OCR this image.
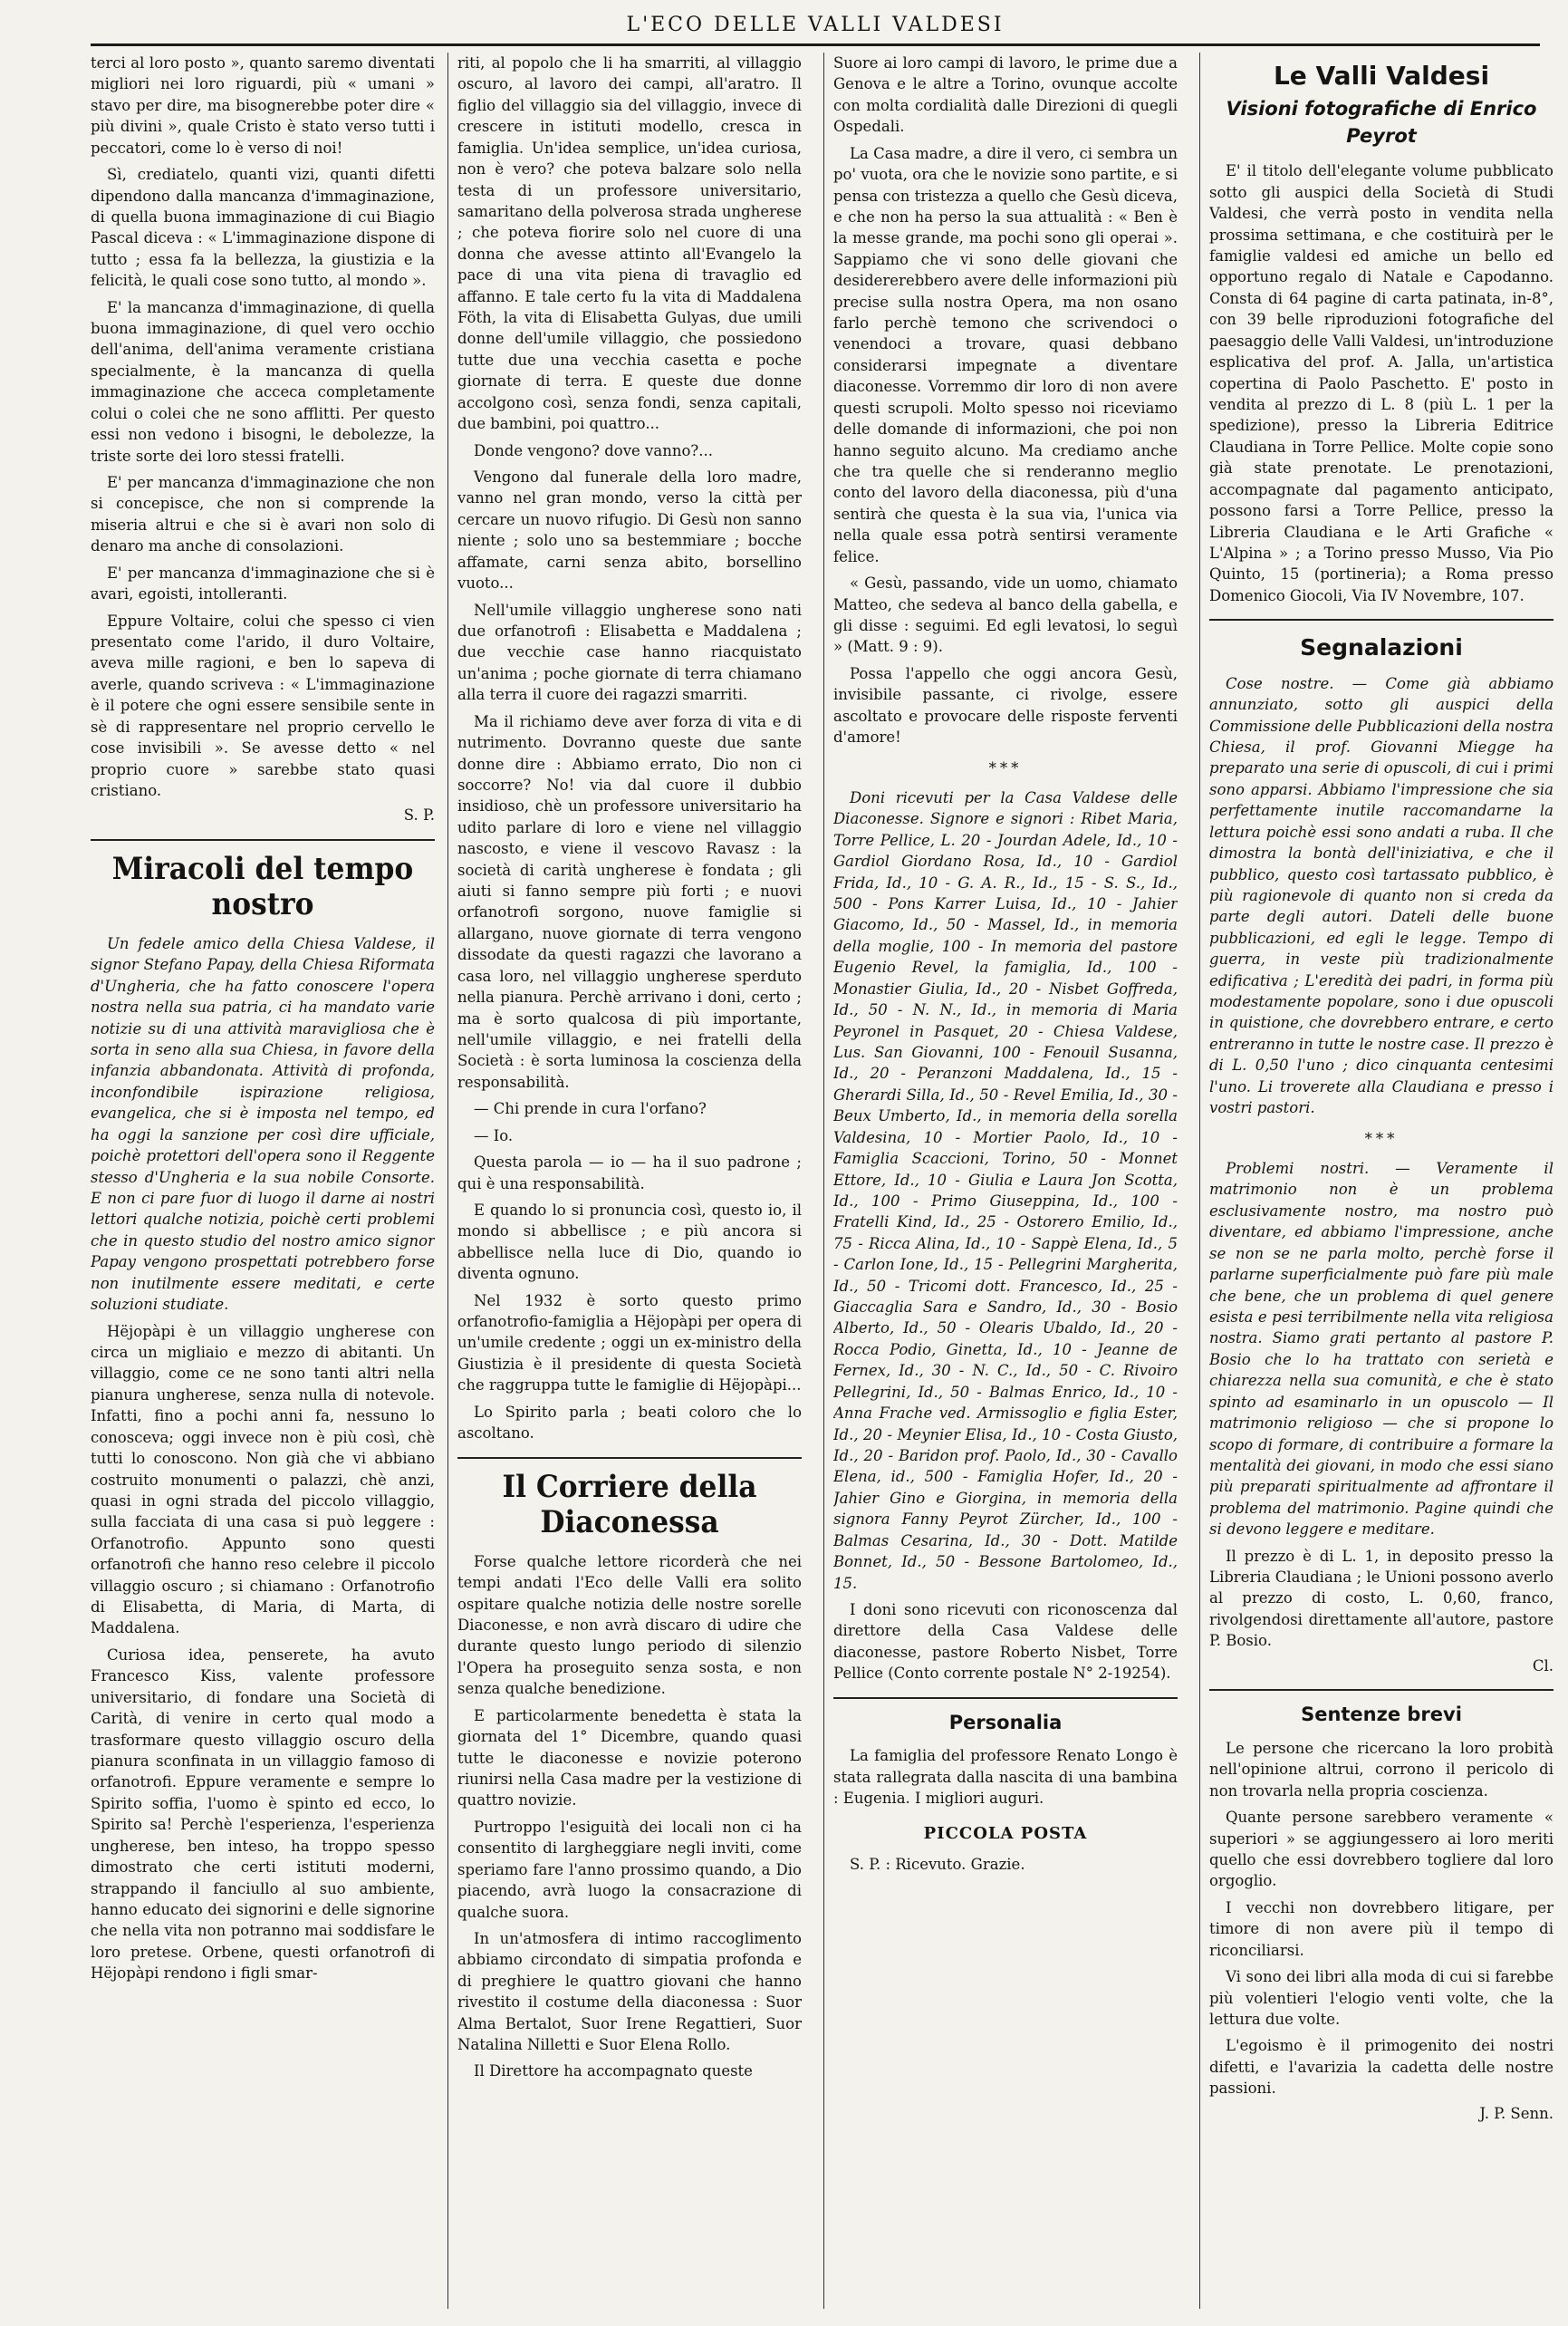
L'ECO DELLE VALLI VALDESI

terci al loro posto », quanto saremo diventati migliori nei loro riguardi, più « umani » stavo per dire, ma bisognerebbe poter dire « più divini », quale Cristo è stato verso tutti i peccatori, come lo è verso di noi!

Sì, crediatelo, quanti vizi, quanti difetti dipendono dalla mancanza d'immaginazione, di quella buona immaginazione di cui Biagio Pascal diceva : « L'immaginazione dispone di tutto ; essa fa la bellezza, la giustizia e la felicità, le quali cose sono tutto, al mondo ».

E' la mancanza d'immaginazione, di quella buona immaginazione, di quel vero occhio dell'anima, dell'anima veramente cristiana specialmente, è la mancanza di quella immaginazione che acceca completamente colui o colei che ne sono afflitti. Per questo essi non vedono i bisogni, le debolezze, la triste sorte dei loro stessi fratelli.

E' per mancanza d'immaginazione che non si concepisce, che non si comprende la miseria altrui e che si è avari non solo di denaro ma anche di consolazioni.

E' per mancanza d'immaginazione che si è avari, egoisti, intolleranti.

Eppure Voltaire, colui che spesso ci vien presentato come l'arido, il duro Voltaire, aveva mille ragioni, e ben lo sapeva di averle, quando scriveva : « L'immaginazione è il potere che ogni essere sensibile sente in sè di rappresentare nel proprio cervello le cose invisibili ». Se avesse detto « nel proprio cuore » sarebbe stato quasi cristiano.

S. P.

Miracoli del tempo nostro

Un fedele amico della Chiesa Valdese, il signor Stefano Papay, della Chiesa Riformata d'Ungheria, che ha fatto conoscere l'opera nostra nella sua patria, ci ha mandato varie notizie su di una attività maravigliosa che è sorta in seno alla sua Chiesa, in favore della infanzia abbandonata. Attività di profonda, inconfondibile ispirazione religiosa, evangelica, che si è imposta nel tempo, ed ha oggi la sanzione per così dire ufficiale, poichè protettori dell'opera sono il Reggente stesso d'Ungheria e la sua nobile Consorte. E non ci pare fuor di luogo il darne ai nostri lettori qualche notizia, poichè certi problemi che in questo studio del nostro amico signor Papay vengono prospettati potrebbero forse non inutilmente essere meditati, e certe soluzioni studiate.

Hëjopàpi è un villaggio ungherese con circa un migliaio e mezzo di abitanti. Un villaggio, come ce ne sono tanti altri nella pianura ungherese, senza nulla di notevole. Infatti, fino a pochi anni fa, nessuno lo conosceva; oggi invece non è più così, chè tutti lo conoscono. Non già che vi abbiano costruito monumenti o palazzi, chè anzi, quasi in ogni strada del piccolo villaggio, sulla facciata di una casa si può leggere : Orfanotrofio. Appunto sono questi orfanotrofi che hanno reso celebre il piccolo villaggio oscuro ; si chiamano : Orfanotrofio di Elisabetta, di Maria, di Marta, di Maddalena.

Curiosa idea, penserete, ha avuto Francesco Kiss, valente professore universitario, di fondare una Società di Carità, di venire in certo qual modo a trasformare questo villaggio oscuro della pianura sconfinata in un villaggio famoso di orfanotrofi. Eppure veramente e sempre lo Spirito soffia, l'uomo è spinto ed ecco, lo Spirito sa! Perchè l'esperienza, l'esperienza ungherese, ben inteso, ha troppo spesso dimostrato che certi istituti moderni, strappando il fanciullo al suo ambiente, hanno educato dei signorini e delle signorine che nella vita non potranno mai soddisfare le loro pretese. Orbene, questi orfanotrofi di Hëjopàpi rendono i figli smar-

riti, al popolo che li ha smarriti, al villaggio oscuro, al lavoro dei campi, all'aratro. Il figlio del villaggio sia del villaggio, invece di crescere in istituti modello, cresca in famiglia. Un'idea semplice, un'idea curiosa, non è vero? che poteva balzare solo nella testa di un professore universitario, samaritano della polverosa strada ungherese ; che poteva fiorire solo nel cuore di una donna che avesse attinto all'Evangelo la pace di una vita piena di travaglio ed affanno. E tale certo fu la vita di Maddalena Föth, la vita di Elisabetta Gulyas, due umili donne dell'umile villaggio, che possiedono tutte due una vecchia casetta e poche giornate di terra. E queste due donne accolgono così, senza fondi, senza capitali, due bambini, poi quattro...

Donde vengono? dove vanno?...

Vengono dal funerale della loro madre, vanno nel gran mondo, verso la città per cercare un nuovo rifugio. Di Gesù non sanno niente ; solo uno sa bestemmiare ; bocche affamate, carni senza abito, borsellino vuoto...

Nell'umile villaggio ungherese sono nati due orfanotrofi : Elisabetta e Maddalena ; due vecchie case hanno riacquistato un'anima ; poche giornate di terra chiamano alla terra il cuore dei ragazzi smarriti.

Ma il richiamo deve aver forza di vita e di nutrimento. Dovranno queste due sante donne dire : Abbiamo errato, Dio non ci soccorre? No! via dal cuore il dubbio insidioso, chè un professore universitario ha udito parlare di loro e viene nel villaggio nascosto, e viene il vescovo Ravasz : la società di carità ungherese è fondata ; gli aiuti si fanno sempre più forti ; e nuovi orfanotrofi sorgono, nuove famiglie si allargano, nuove giornate di terra vengono dissodate da questi ragazzi che lavorano a casa loro, nel villaggio ungherese sperduto nella pianura. Perchè arrivano i doni, certo ; ma è sorto qualcosa di più importante, nell'umile villaggio, e nei fratelli della Società : è sorta luminosa la coscienza della responsabilità.

— Chi prende in cura l'orfano?

— Io.

Questa parola — io — ha il suo padrone ; qui è una responsabilità.

E quando lo si pronuncia così, questo io, il mondo si abbellisce ; e più ancora si abbellisce nella luce di Dio, quando io diventa ognuno.

Nel 1932 è sorto questo primo orfanotrofio-famiglia a Hëjopàpi per opera di un'umile credente ; oggi un ex-ministro della Giustizia è il presidente di questa Società che raggruppa tutte le famiglie di Hëjopàpi...

Lo Spirito parla ; beati coloro che lo ascoltano.

Il Corriere della Diaconessa

Forse qualche lettore ricorderà che nei tempi andati l'Eco delle Valli era solito ospitare qualche notizia delle nostre sorelle Diaconesse, e non avrà discaro di udire che durante questo lungo periodo di silenzio l'Opera ha proseguito senza sosta, e non senza qualche benedizione.

E particolarmente benedetta è stata la giornata del 1° Dicembre, quando quasi tutte le diaconesse e novizie poterono riunirsi nella Casa madre per la vestizione di quattro novizie.

Purtroppo l'esiguità dei locali non ci ha consentito di largheggiare negli inviti, come speriamo fare l'anno prossimo quando, a Dio piacendo, avrà luogo la consacrazione di qualche suora.

In un'atmosfera di intimo raccoglimento abbiamo circondato di simpatia profonda e di preghiere le quattro giovani che hanno rivestito il costume della diaconessa : Suor Alma Bertalot, Suor Irene Regattieri, Suor Natalina Nilletti e Suor Elena Rollo.

Il Direttore ha accompagnato queste

Suore ai loro campi di lavoro, le prime due a Genova e le altre a Torino, ovunque accolte con molta cordialità dalle Direzioni di quegli Ospedali.

La Casa madre, a dire il vero, ci sembra un po' vuota, ora che le novizie sono partite, e si pensa con tristezza a quello che Gesù diceva, e che non ha perso la sua attualità : « Ben è la messe grande, ma pochi sono gli operai ». Sappiamo che vi sono delle giovani che desidererebbero avere delle informazioni più precise sulla nostra Opera, ma non osano farlo perchè temono che scrivendoci o venendoci a trovare, quasi debbano considerarsi impegnate a diventare diaconesse. Vorremmo dir loro di non avere questi scrupoli. Molto spesso noi riceviamo delle domande di informazioni, che poi non hanno seguito alcuno. Ma crediamo anche che tra quelle che si renderanno meglio conto del lavoro della diaconessa, più d'una sentirà che questa è la sua via, l'unica via nella quale essa potrà sentirsi veramente felice.

« Gesù, passando, vide un uomo, chiamato Matteo, che sedeva al banco della gabella, e gli disse : seguimi. Ed egli levatosi, lo seguì » (Matt. 9 : 9).

Possa l'appello che oggi ancora Gesù, invisibile passante, ci rivolge, essere ascoltato e provocare delle risposte ferventi d'amore!

***

Doni ricevuti per la Casa Valdese delle Diaconesse. Signore e signori : Ribet Maria, Torre Pellice, L. 20 - Jourdan Adele, Id., 10 - Gardiol Giordano Rosa, Id., 10 - Gardiol Frida, Id., 10 - G. A. R., Id., 15 - S. S., Id., 500 - Pons Karrer Luisa, Id., 10 - Jahier Giacomo, Id., 50 - Massel, Id., in memoria della moglie, 100 - In memoria del pastore Eugenio Revel, la famiglia, Id., 100 - Monastier Giulia, Id., 20 - Nisbet Goffreda, Id., 50 - N. N., Id., in memoria di Maria Peyronel in Pasquet, 20 - Chiesa Valdese, Lus. San Giovanni, 100 - Fenouil Susanna, Id., 20 - Peranzoni Maddalena, Id., 15 - Gherardi Silla, Id., 50 - Revel Emilia, Id., 30 - Beux Umberto, Id., in memoria della sorella Valdesina, 10 - Mortier Paolo, Id., 10 - Famiglia Scaccioni, Torino, 50 - Monnet Ettore, Id., 10 - Giulia e Laura Jon Scotta, Id., 100 - Primo Giuseppina, Id., 100 - Fratelli Kind, Id., 25 - Ostorero Emilio, Id., 75 - Ricca Alina, Id., 10 - Sappè Elena, Id., 5 - Carlon Ione, Id., 15 - Pellegrini Margherita, Id., 50 - Tricomi dott. Francesco, Id., 25 - Giaccaglia Sara e Sandro, Id., 30 - Bosio Alberto, Id., 50 - Olearis Ubaldo, Id., 20 - Rocca Podio, Ginetta, Id., 10 - Jeanne de Fernex, Id., 30 - N. C., Id., 50 - C. Rivoiro Pellegrini, Id., 50 - Balmas Enrico, Id., 10 - Anna Frache ved. Armissoglio e figlia Ester, Id., 20 - Meynier Elisa, Id., 10 - Costa Giusto, Id., 20 - Baridon prof. Paolo, Id., 30 - Cavallo Elena, id., 500 - Famiglia Hofer, Id., 20 - Jahier Gino e Giorgina, in memoria della signora Fanny Peyrot Zürcher, Id., 100 - Balmas Cesarina, Id., 30 - Dott. Matilde Bonnet, Id., 50 - Bessone Bartolomeo, Id., 15.

I doni sono ricevuti con riconoscenza dal direttore della Casa Valdese delle diaconesse, pastore Roberto Nisbet, Torre Pellice (Conto corrente postale N° 2-19254).

Personalia

La famiglia del professore Renato Longo è stata rallegrata dalla nascita di una bambina : Eugenia. I migliori auguri.

PICCOLA POSTA

S. P. : Ricevuto. Grazie.

Le Valli Valdesi
Visioni fotografiche di Enrico Peyrot

E' il titolo dell'elegante volume pubblicato sotto gli auspici della Società di Studi Valdesi, che verrà posto in vendita nella prossima settimana, e che costituirà per le famiglie valdesi ed amiche un bello ed opportuno regalo di Natale e Capodanno. Consta di 64 pagine di carta patinata, in-8°, con 39 belle riproduzioni fotografiche del paesaggio delle Valli Valdesi, un'introduzione esplicativa del prof. A. Jalla, un'artistica copertina di Paolo Paschetto. E' posto in vendita al prezzo di L. 8 (più L. 1 per la spedizione), presso la Libreria Editrice Claudiana in Torre Pellice. Molte copie sono già state prenotate. Le prenotazioni, accompagnate dal pagamento anticipato, possono farsi a Torre Pellice, presso la Libreria Claudiana e le Arti Grafiche « L'Alpina » ; a Torino presso Musso, Via Pio Quinto, 15 (portineria); a Roma presso Domenico Giocoli, Via IV Novembre, 107.

Segnalazioni

Cose nostre. — Come già abbiamo annunziato, sotto gli auspici della Commissione delle Pubblicazioni della nostra Chiesa, il prof. Giovanni Miegge ha preparato una serie di opuscoli, di cui i primi sono apparsi. Abbiamo l'impressione che sia perfettamente inutile raccomandarne la lettura poichè essi sono andati a ruba. Il che dimostra la bontà dell'iniziativa, e che il pubblico, questo così tartassato pubblico, è più ragionevole di quanto non si creda da parte degli autori. Dateli delle buone pubblicazioni, ed egli le legge. Tempo di guerra, in veste più tradizionalmente edificativa ; L'eredità dei padri, in forma più modestamente popolare, sono i due opuscoli in quistione, che dovrebbero entrare, e certo entreranno in tutte le nostre case. Il prezzo è di L. 0,50 l'uno ; dico cinquanta centesimi l'uno. Li troverete alla Claudiana e presso i vostri pastori.

***

Problemi nostri. — Veramente il matrimonio non è un problema esclusivamente nostro, ma nostro può diventare, ed abbiamo l'impressione, anche se non se ne parla molto, perchè forse il parlarne superficialmente può fare più male che bene, che un problema di quel genere esista e pesi terribilmente nella vita religiosa nostra. Siamo grati pertanto al pastore P. Bosio che lo ha trattato con serietà e chiarezza nella sua comunità, e che è stato spinto ad esaminarlo in un opuscolo — Il matrimonio religioso — che si propone lo scopo di formare, di contribuire a formare la mentalità dei giovani, in modo che essi siano più preparati spiritualmente ad affrontare il problema del matrimonio. Pagine quindi che si devono leggere e meditare.

Il prezzo è di L. 1, in deposito presso la Libreria Claudiana ; le Unioni possono averlo al prezzo di costo, L. 0,60, franco, rivolgendosi direttamente all'autore, pastore P. Bosio.

Cl.

Sentenze brevi

Le persone che ricercano la loro probità nell'opinione altrui, corrono il pericolo di non trovarla nella propria coscienza.

Quante persone sarebbero veramente « superiori » se aggiungessero ai loro meriti quello che essi dovrebbero togliere dal loro orgoglio.

I vecchi non dovrebbero litigare, per timore di non avere più il tempo di riconciliarsi.

Vi sono dei libri alla moda di cui si farebbe più volentieri l'elogio venti volte, che la lettura due volte.

L'egoismo è il primogenito dei nostri difetti, e l'avarizia la cadetta delle nostre passioni.

J. P. Senn.
